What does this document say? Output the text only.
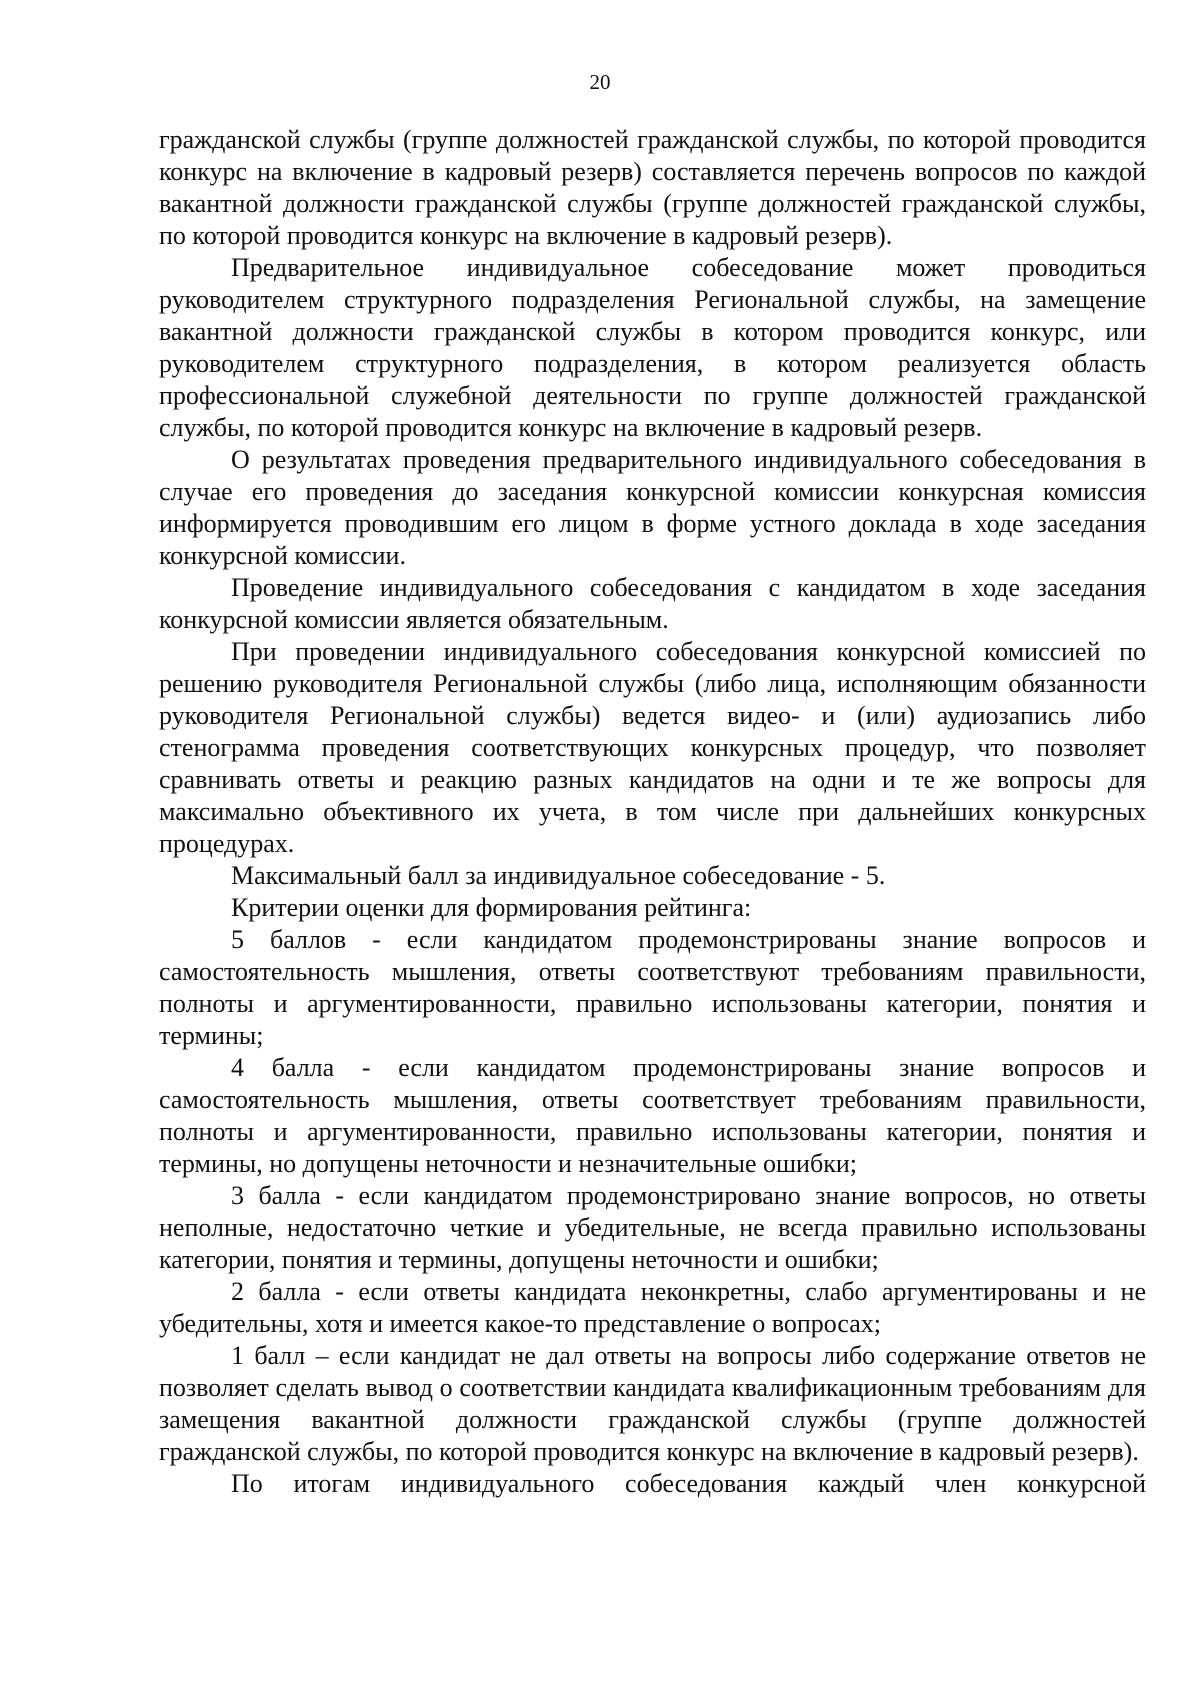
20

гражданской службы (группе должностей гражданской службы, по которой проводится конкурс на включение в кадровый резерв) составляется перечень вопросов по каждой вакантной должности гражданской службы (группе должностей гражданской службы, по которой проводится конкурс на включение в кадровый резерв).

Предварительное индивидуальное собеседование может проводиться руководителем структурного подразделения Региональной службы, на замещение вакантной должности гражданской службы в котором проводится конкурс, или руководителем структурного подразделения, в котором реализуется область профессиональной служебной деятельности по группе должностей гражданской службы, по которой проводится конкурс на включение в кадровый резерв.

О результатах проведения предварительного индивидуального собеседования в случае его проведения до заседания конкурсной комиссии конкурсная комиссия информируется проводившим его лицом в форме устного доклада в ходе заседания конкурсной комиссии.

Проведение индивидуального собеседования с кандидатом в ходе заседания конкурсной комиссии является обязательным.

При проведении индивидуального собеседования конкурсной комиссией по решению руководителя Региональной службы (либо лица, исполняющим обязанности руководителя Региональной службы) ведется видео- и (или) аудиозапись либо стенограмма проведения соответствующих конкурсных процедур, что позволяет сравнивать ответы и реакцию разных кандидатов на одни и те же вопросы для максимально объективного их учета, в том числе при дальнейших конкурсных процедурах.

Максимальный балл за индивидуальное собеседование - 5.

Критерии оценки для формирования рейтинга:

5 баллов - если кандидатом продемонстрированы знание вопросов и самостоятельность мышления, ответы соответствуют требованиям правильности, полноты и аргументированности, правильно использованы категории, понятия и термины;

4 балла - если кандидатом продемонстрированы знание вопросов и самостоятельность мышления, ответы соответствует требованиям правильности, полноты и аргументированности, правильно использованы категории, понятия и термины, но допущены неточности и незначительные ошибки;

3 балла - если кандидатом продемонстрировано знание вопросов, но ответы неполные, недостаточно четкие и убедительные, не всегда правильно использованы категории, понятия и термины, допущены неточности и ошибки;

2 балла - если ответы кандидата неконкретны, слабо аргументированы и не убедительны, хотя и имеется какое-то представление о вопросах;

1 балл – если кандидат не дал ответы на вопросы либо содержание ответов не позволяет сделать вывод о соответствии кандидата квалификационным требованиям для замещения вакантной должности гражданской службы (группе должностей гражданской службы, по которой проводится конкурс на включение в кадровый резерв).

По итогам индивидуального собеседования каждый член конкурсной
